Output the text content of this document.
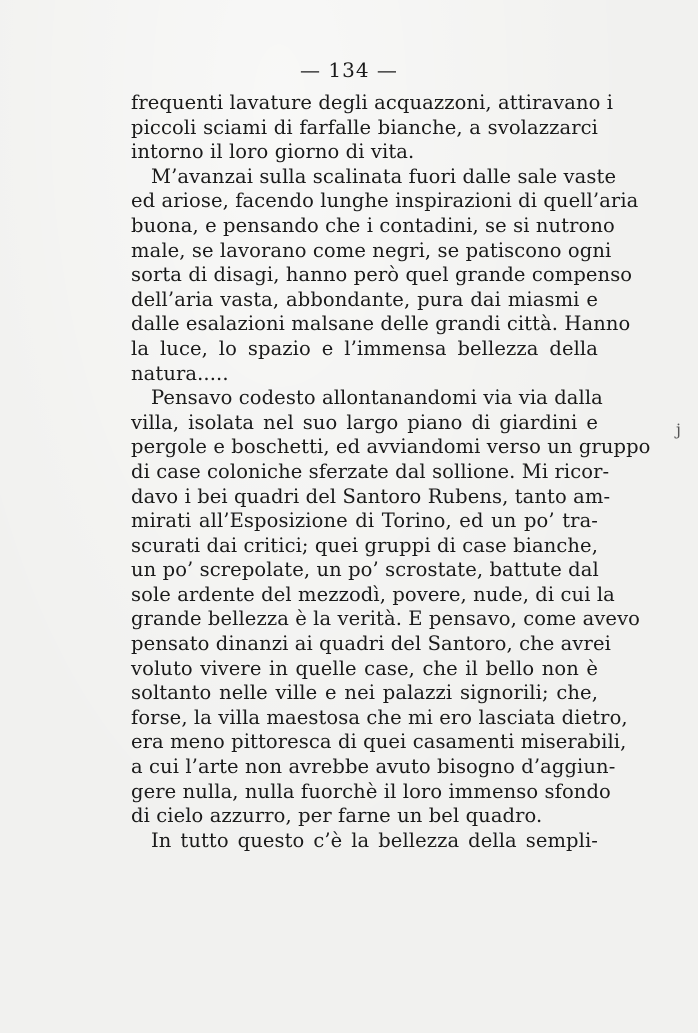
— 134 —
frequenti lavature degli acquazzoni, attiravano i
piccoli sciami di farfalle bianche, a svolazzarci
intorno il loro giorno di vita.
M’avanzai sulla scalinata fuori dalle sale vaste
ed ariose, facendo lunghe inspirazioni di quell’aria
buona, e pensando che i contadini, se si nutrono
male, se lavorano come negri, se patiscono ogni
sorta di disagi, hanno però quel grande compenso
dell’aria vasta, abbondante, pura dai miasmi e
dalle esalazioni malsane delle grandi città. Hanno
la luce, lo spazio e l’immensa bellezza della
natura.....
Pensavo codesto allontanandomi via via dalla
villa, isolata nel suo largo piano di giardini e
pergole e boschetti, ed avviandomi verso un gruppo
di case coloniche sferzate dal sollione. Mi ricor-
davo i bei quadri del Santoro Rubens, tanto am-
mirati all’Esposizione di Torino, ed un po’ tra-
scurati dai critici; quei gruppi di case bianche,
un po’ screpolate, un po’ scrostate, battute dal
sole ardente del mezzodì, povere, nude, di cui la
grande bellezza è la verità. E pensavo, come avevo
pensato dinanzi ai quadri del Santoro, che avrei
voluto vivere in quelle case, che il bello non è
soltanto nelle ville e nei palazzi signorili; che,
forse, la villa maestosa che mi ero lasciata dietro,
era meno pittoresca di quei casamenti miserabili,
a cui l’arte non avrebbe avuto bisogno d’aggiun-
gere nulla, nulla fuorchè il loro immenso sfondo
di cielo azzurro, per farne un bel quadro.
In tutto questo c’è la bellezza della sempli-
j
